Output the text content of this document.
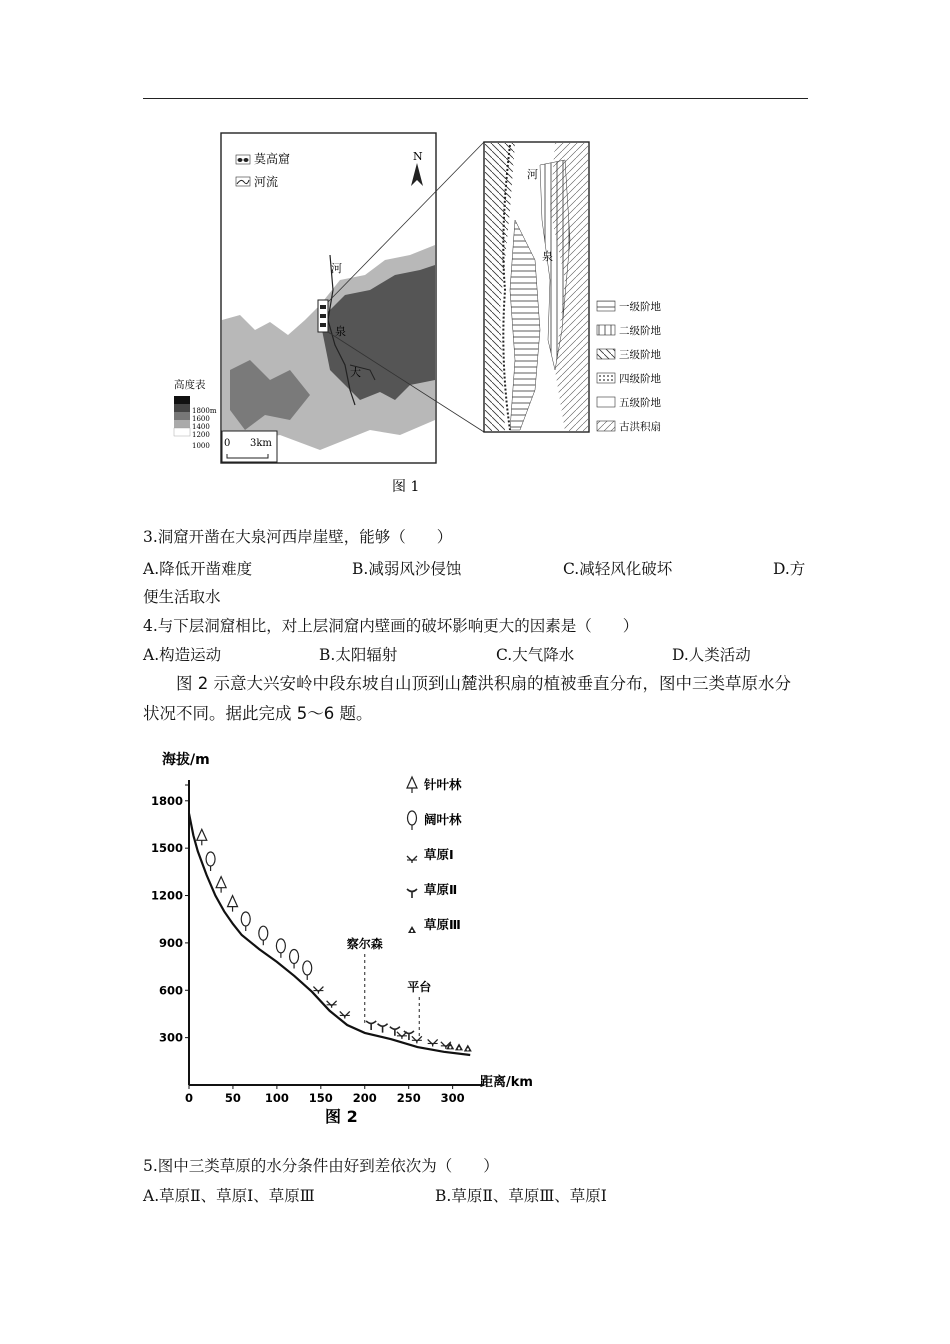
河
泉
大
莫高窟
河流
N
高度表
1800m
1600
1400
1200
1000 0 3km
河
泉
一级阶地
二级阶地
三级阶地
四级阶地
五级阶地
古洪积扇
图 1
3.洞窟开凿在大泉河西岸崖壁，能够（　　）
A.降低开凿难度	B.减弱风沙侵蚀	C.减轻风化破坏	D.方
便生活取水
4.与下层洞窟相比，对上层洞窟内壁画的破坏影响更大的因素是（　　）
A.构造运动	B.太阳辐射	C.大气降水	D.人类活动
图 2 示意大兴安岭中段东坡自山顶到山麓洪积扇的植被垂直分布，图中三类草原水分
状况不同。据此完成 5～6 题。
海拔/m
距离/km
图 2
300
600
900
1200
1500
1800
0	50 100 150 200 250 300
察尔森
平台
针叶林
阔叶林
草原Ⅰ
草原Ⅱ
草原Ⅲ
5.图中三类草原的水分条件由好到差依次为（　　）
A.草原Ⅱ、草原Ⅰ、草原Ⅲ	B.草原Ⅱ、草原Ⅲ、草原Ⅰ
